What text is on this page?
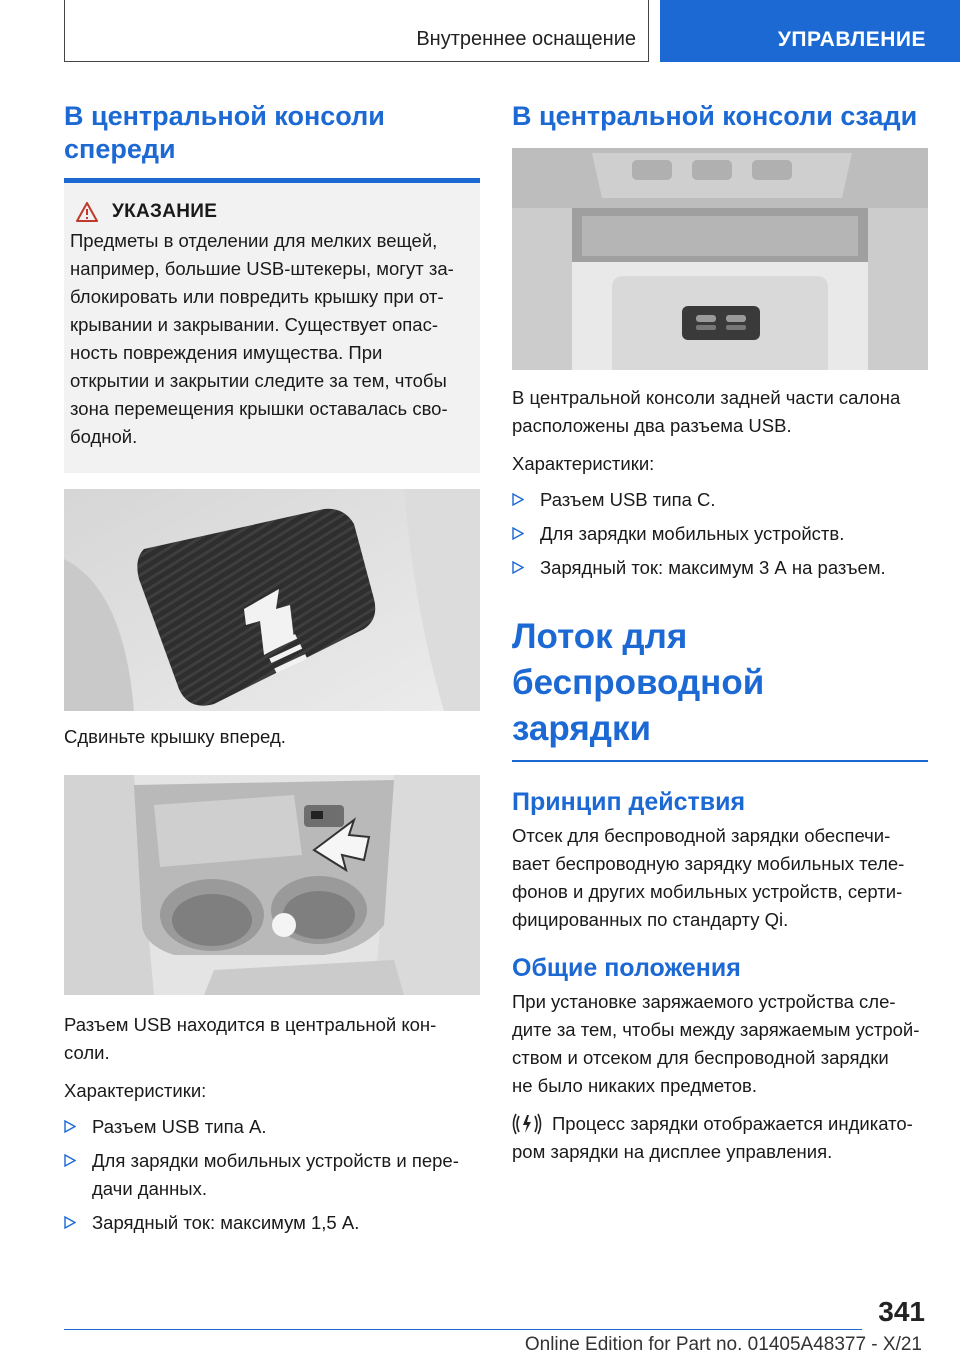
Внутреннее оснащение	УПРАВЛЕНИЕ
В центральной консоли спереди
УКАЗАНИЕ

Предметы в отделении для мелких вещей,
например, большие USB-штекеры, могут за-
блокировать или повредить крышку при от-
крывании и закрывании. Существует опас-
ность повреждения имущества. При
открытии и закрытии следите за тем, чтобы
зона перемещения крышки оставалась сво-
бодной.

Сдвиньте крышку вперед.

Разъем USB находится в центральной кон-
соли.

Характеристики:

Разъем USB типа А.
Для зарядки мобильных устройств и пере-
дачи данных.
Зарядный ток: максимум 1,5 А.
В центральной консоли сзади

В центральной консоли задней части салона
расположены два разъема USB.

Характеристики:

Разъем USB типа C.
Для зарядки мобильных устройств.
Зарядный ток: максимум 3 А на разъем.
Лоток для беспроводной
зарядки
Принцип действия

Отсек для беспроводной зарядки обеспечи-
вает беспроводную зарядку мобильных теле-
фонов и других мобильных устройств, серти-
фицированных по стандарту Qi.

Общие положения

При установке заряжаемого устройства сле-
дите за тем, чтобы между заряжаемым устрой-
ством и отсеком для беспроводной зарядки
не было никаких предметов.

Процесс зарядки отображается индикато-
ром зарядки на дисплее управления.

341
Online Edition for Part no. 01405A48377 - X/21
